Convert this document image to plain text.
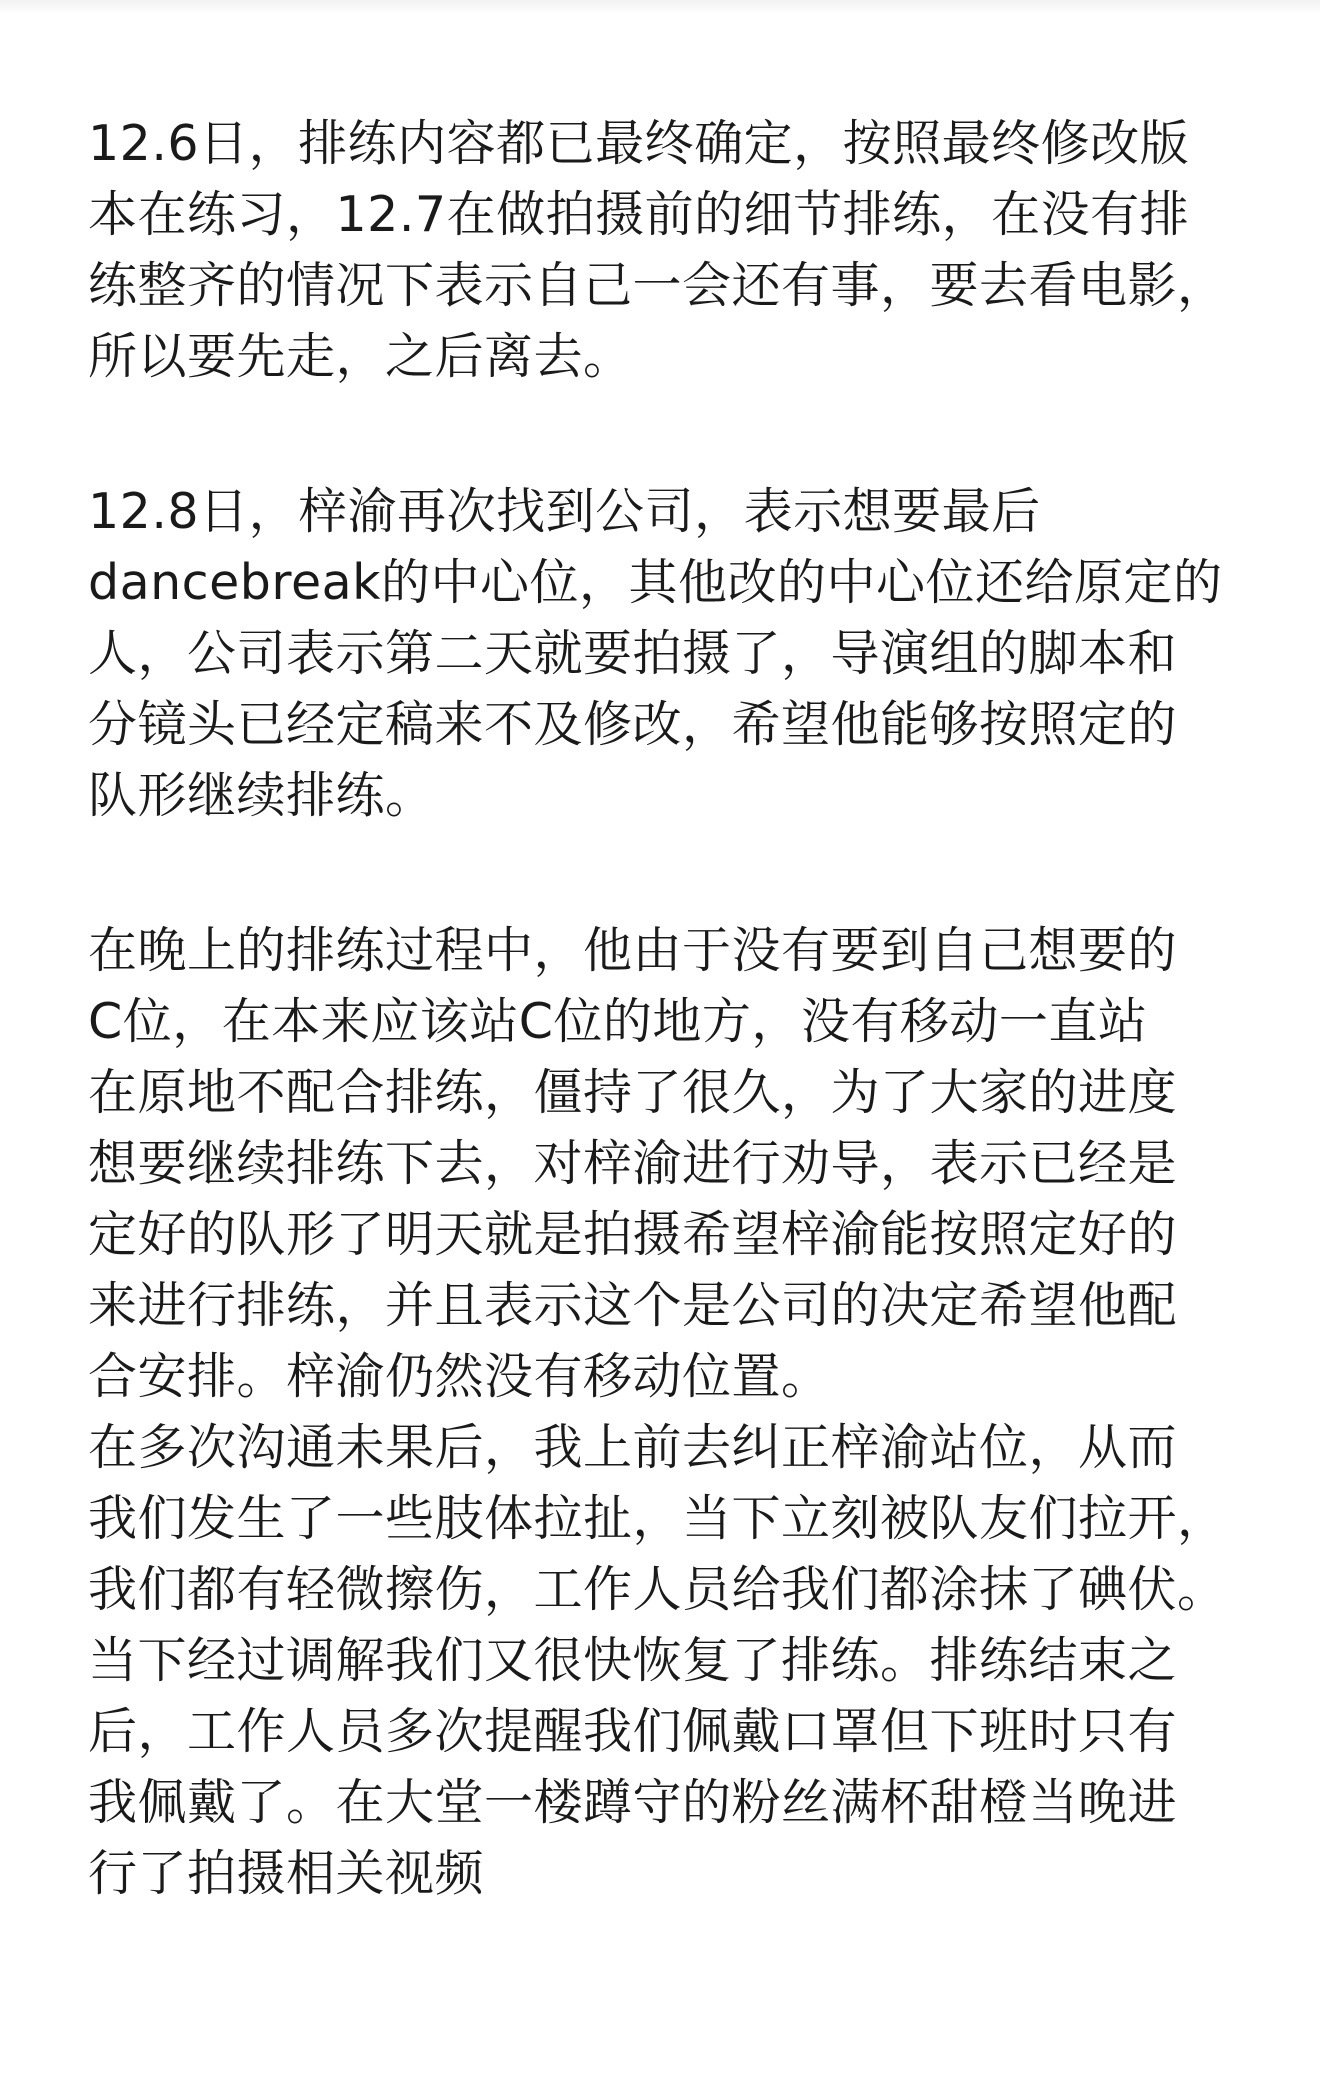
12.6日，排练内容都已最终确定，按照最终修改版
本在练习，12.7在做拍摄前的细节排练，在没有排
练整齐的情况下表示自己一会还有事，要去看电影，
所以要先走，之后离去。
12.8日，梓渝再次找到公司，表示想要最后
dancebreak的中心位，其他改的中心位还给原定的
人，公司表示第二天就要拍摄了，导演组的脚本和
分镜头已经定稿来不及修改，希望他能够按照定的
队形继续排练。
在晚上的排练过程中，他由于没有要到自己想要的
C位，在本来应该站C位的地方，没有移动一直站
在原地不配合排练，僵持了很久，为了大家的进度
想要继续排练下去，对梓渝进行劝导，表示已经是
定好的队形了明天就是拍摄希望梓渝能按照定好的
来进行排练，并且表示这个是公司的决定希望他配
合安排。梓渝仍然没有移动位置。
在多次沟通未果后，我上前去纠正梓渝站位，从而
我们发生了一些肢体拉扯，当下立刻被队友们拉开，
我们都有轻微擦伤，工作人员给我们都涂抹了碘伏。
当下经过调解我们又很快恢复了排练。排练结束之
后，工作人员多次提醒我们佩戴口罩但下班时只有
我佩戴了。在大堂一楼蹲守的粉丝满杯甜橙当晚进
行了拍摄相关视频
